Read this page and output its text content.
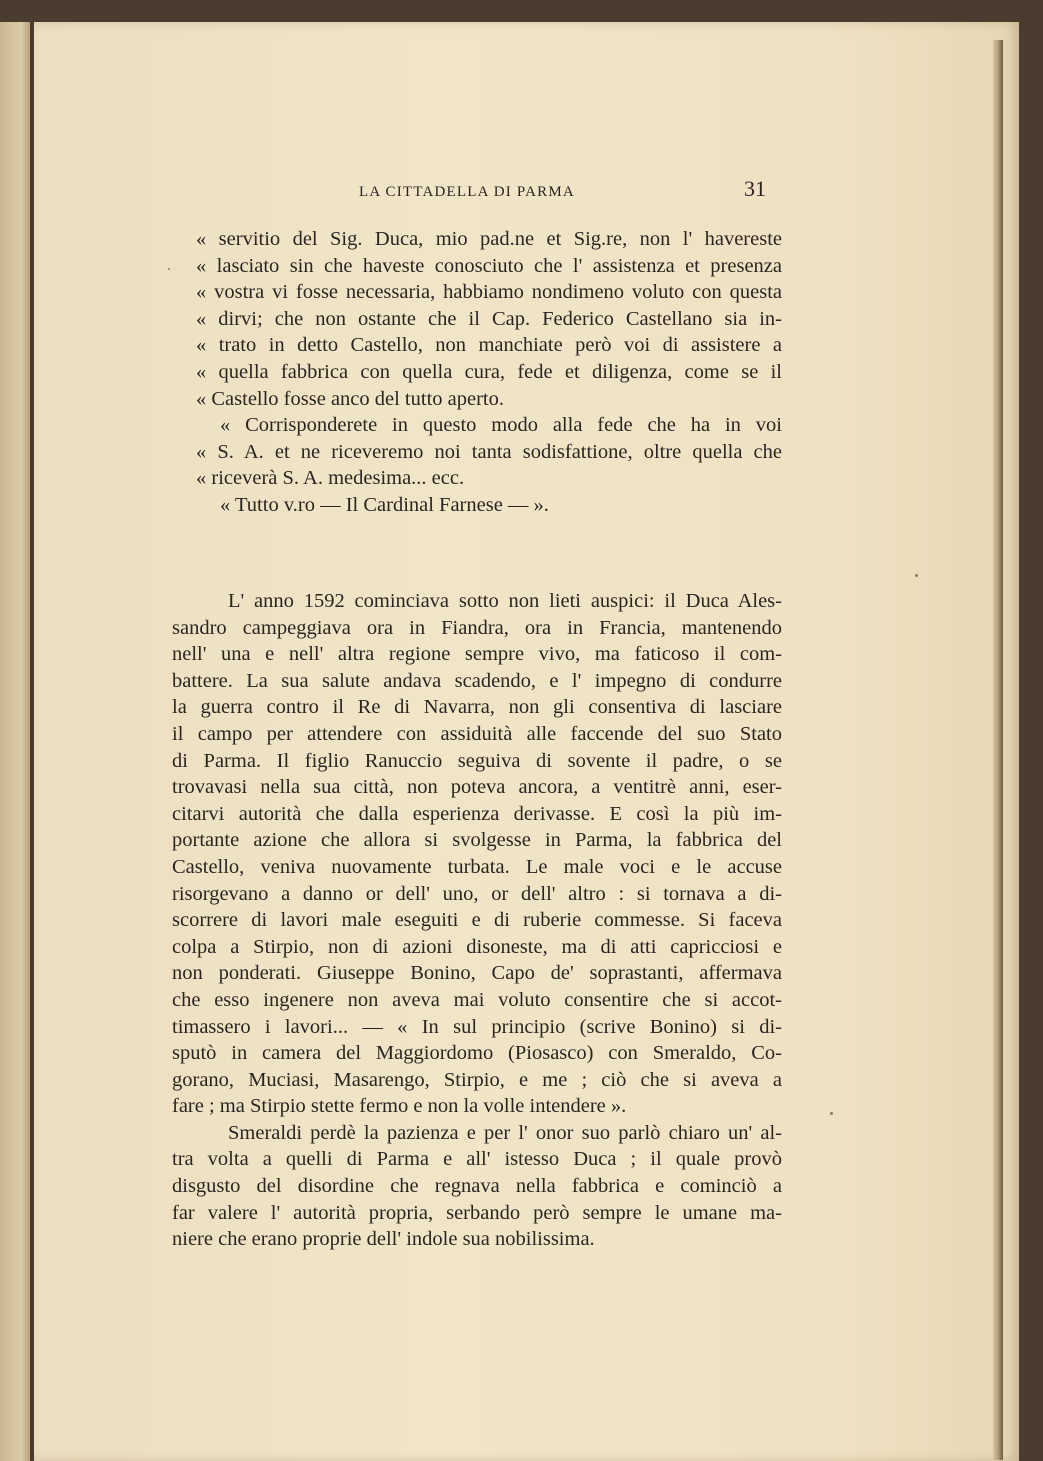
LA CITTADELLA DI PARMA	31
« servitio del Sig. Duca, mio pad.ne et Sig.re, non l' havereste
« lasciato sin che haveste conosciuto che l' assistenza et presenza
« vostra vi fosse necessaria, habbiamo nondimeno voluto con questa
« dirvi; che non ostante che il Cap. Federico Castellano sia in-
« trato in detto Castello, non manchiate però voi di assistere a
« quella fabbrica con quella cura, fede et diligenza, come se il
« Castello fosse anco del tutto aperto.
« Corrisponderete in questo modo alla fede che ha in voi
« S. A. et ne riceveremo noi tanta sodisfattione, oltre quella che
« riceverà S. A. medesima... ecc.
« Tutto v.ro — Il Cardinal Farnese — ».
L' anno 1592 cominciava sotto non lieti auspici: il Duca Ales-
sandro campeggiava ora in Fiandra, ora in Francia, mantenendo
nell' una e nell' altra regione sempre vivo, ma faticoso il com-
battere. La sua salute andava scadendo, e l' impegno di condurre
la guerra contro il Re di Navarra, non gli consentiva di lasciare
il campo per attendere con assiduità alle faccende del suo Stato
di Parma. Il figlio Ranuccio seguiva di sovente il padre, o se
trovavasi nella sua città, non poteva ancora, a ventitrè anni, eser-
citarvi autorità che dalla esperienza derivasse. E così la più im-
portante azione che allora si svolgesse in Parma, la fabbrica del
Castello, veniva nuovamente turbata. Le male voci e le accuse
risorgevano a danno or dell' uno, or dell' altro : si tornava a di-
scorrere di lavori male eseguiti e di ruberie commesse. Si faceva
colpa a Stirpio, non di azioni disoneste, ma di atti capricciosi e
non ponderati. Giuseppe Bonino, Capo de' soprastanti, affermava
che esso ingenere non aveva mai voluto consentire che si accot-
timassero i lavori... — « In sul principio (scrive Bonino) si di-
sputò in camera del Maggiordomo (Piosasco) con Smeraldo, Co-
gorano, Muciasi, Masarengo, Stirpio, e me ; ciò che si aveva a
fare ; ma Stirpio stette fermo e non la volle intendere ».
Smeraldi perdè la pazienza e per l' onor suo parlò chiaro un' al-
tra volta a quelli di Parma e all' istesso Duca ; il quale provò
disgusto del disordine che regnava nella fabbrica e cominciò a
far valere l' autorità propria, serbando però sempre le umane ma-
niere che erano proprie dell' indole sua nobilissima.
